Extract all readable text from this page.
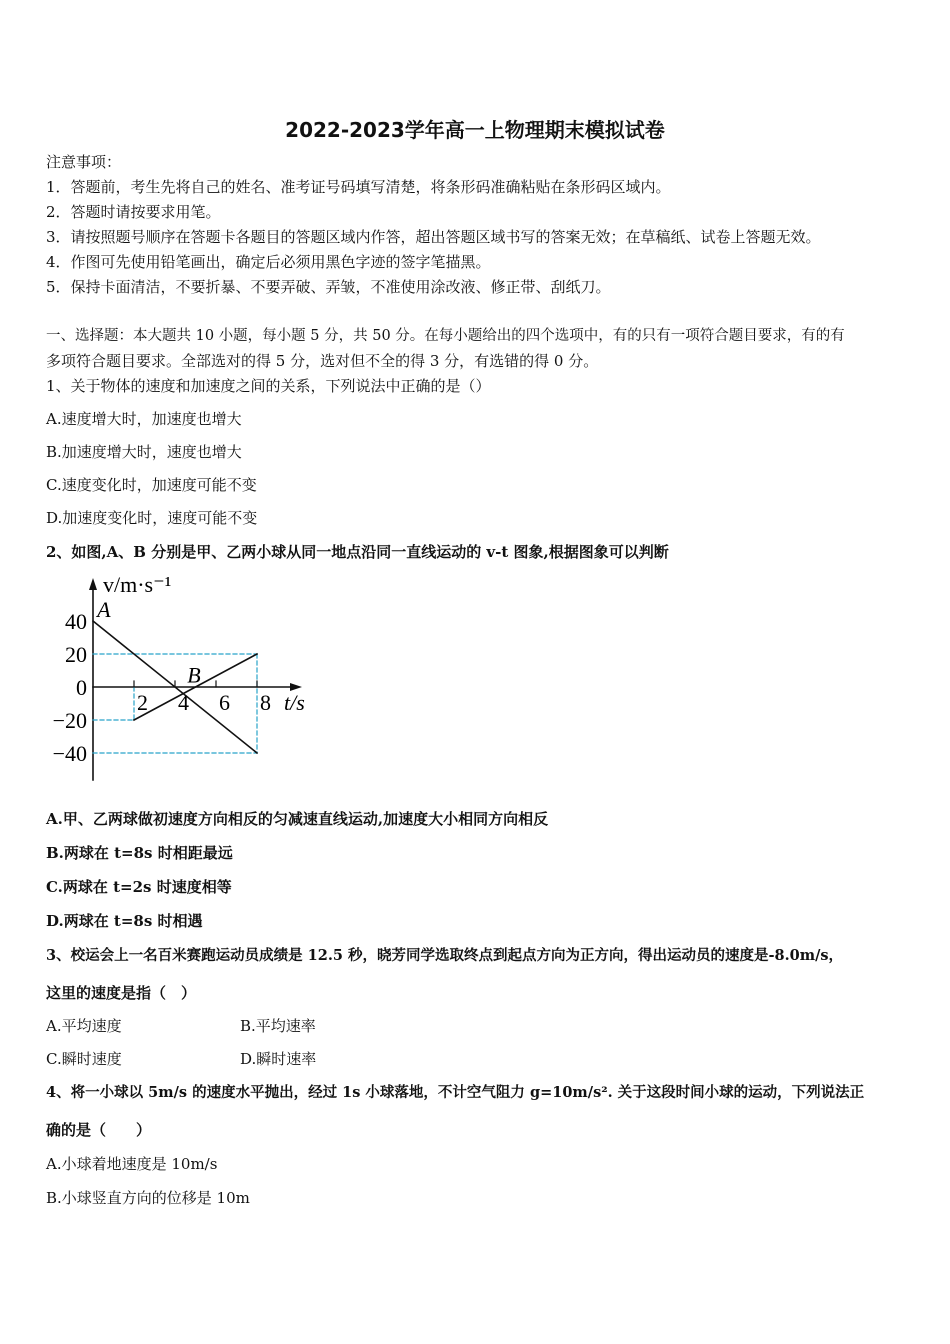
2022-2023学年高一上物理期末模拟试卷
注意事项：
1．答题前，考生先将自己的姓名、准考证号码填写清楚，将条形码准确粘贴在条形码区域内。
2．答题时请按要求用笔。
3．请按照题号顺序在答题卡各题目的答题区域内作答，超出答题区域书写的答案无效；在草稿纸、试卷上答题无效。
4．作图可先使用铅笔画出，确定后必须用黑色字迹的签字笔描黑。
5．保持卡面清洁，不要折暴、不要弄破、弄皱，不准使用涂改液、修正带、刮纸刀。
一、选择题：本大题共 10 小题，每小题 5 分，共 50 分。在每小题给出的四个选项中，有的只有一项符合题目要求，有的有
多项符合题目要求。全部选对的得 5 分，选对但不全的得 3 分，有选错的得 0 分。
1、关于物体的速度和加速度之间的关系，下列说法中正确的是（）
A.速度增大时，加速度也增大
B.加速度增大时，速度也增大
C.速度变化时，加速度可能不变
D.加速度变化时，速度可能不变
2、如图,A、B 分别是甲、乙两小球从同一地点沿同一直线运动的 v-t 图象,根据图象可以判断
A
B
40
20
0
−20
−40
2 4 6 8
v/m·s⁻¹
t/s
A.甲、乙两球做初速度方向相反的匀减速直线运动,加速度大小相同方向相反
B.两球在 t=8s 时相距最远
C.两球在 t=2s 时速度相等
D.两球在 t=8s 时相遇
3、校运会上一名百米赛跑运动员成绩是 12.5 秒，晓芳同学选取终点到起点方向为正方向，得出运动员的速度是-8.0m/s，
这里的速度是指（　）
A.平均速度	B.平均速率
C.瞬时速度	D.瞬时速率
4、将一小球以 5m/s 的速度水平抛出，经过 1s 小球落地，不计空气阻力 g=10m/s². 关于这段时间小球的运动，下列说法正
确的是（　　）
A.小球着地速度是 10m/s
B.小球竖直方向的位移是 10m
